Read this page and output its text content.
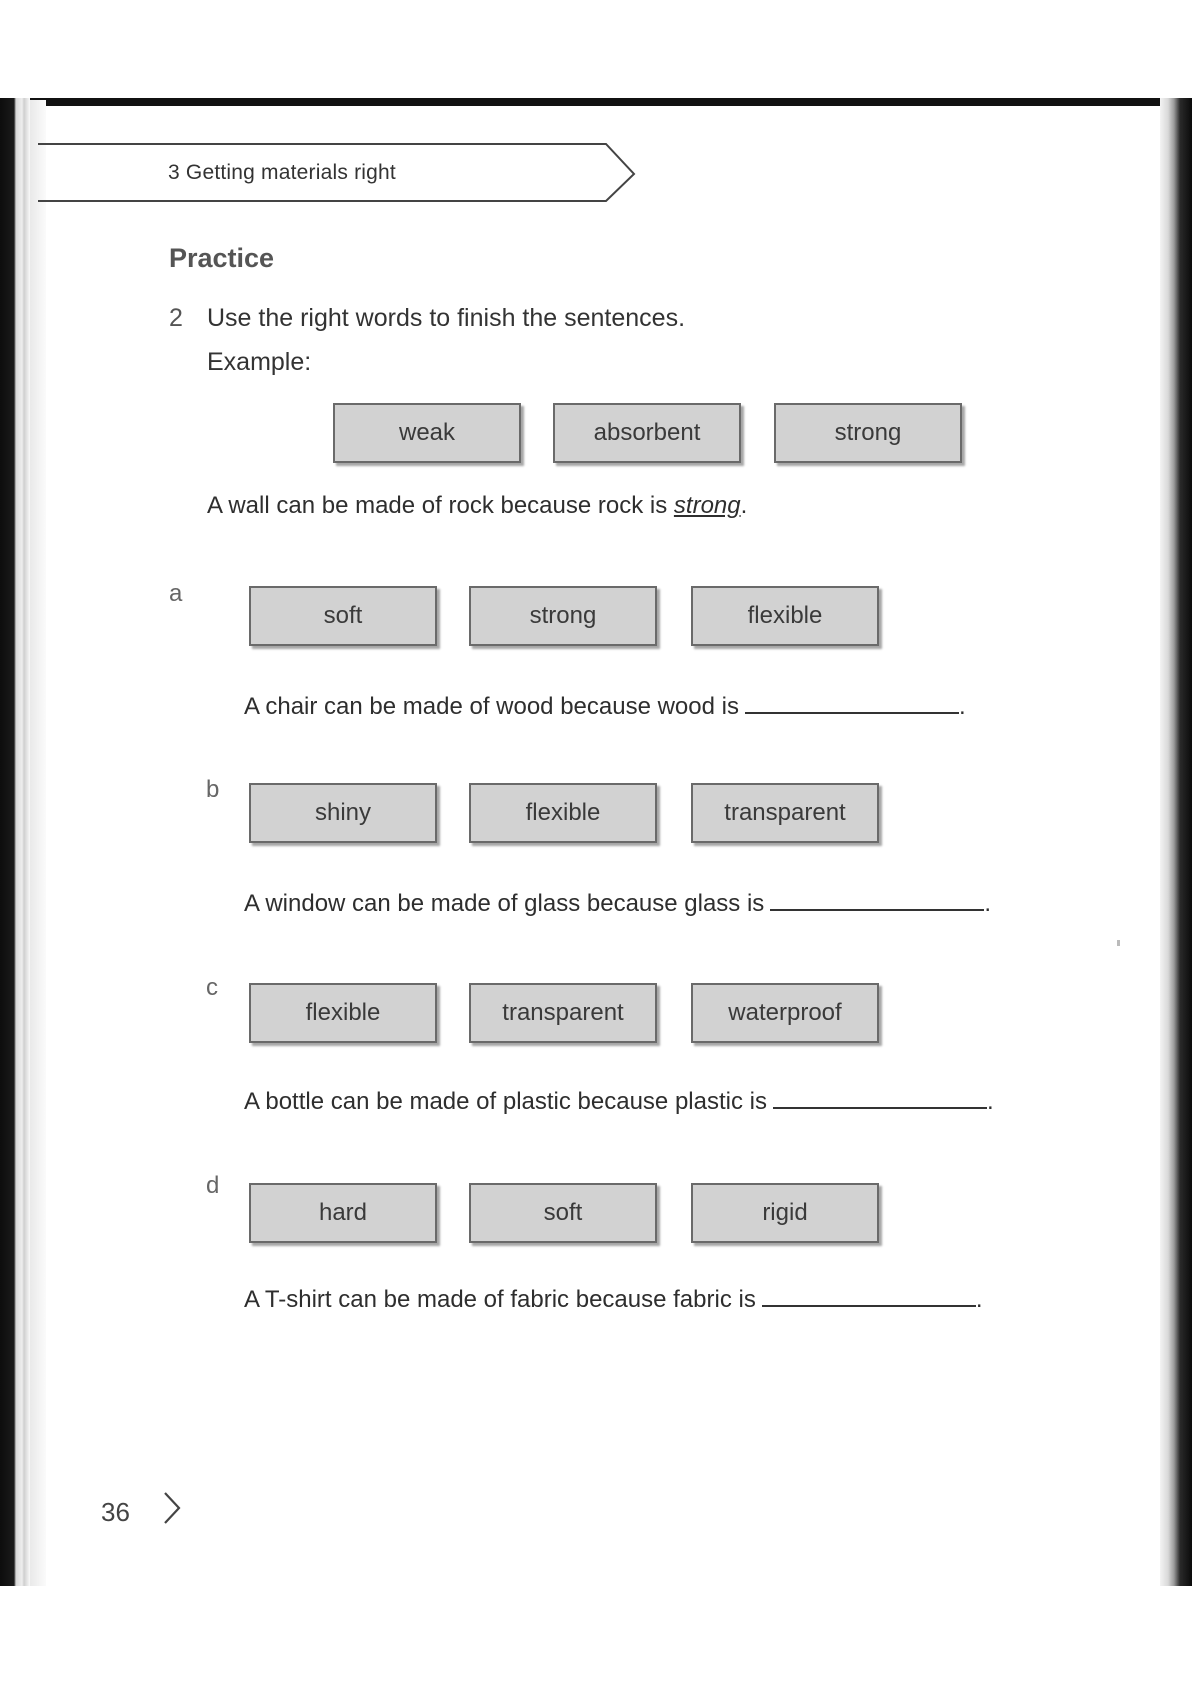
3 Getting materials right
Practice
2 Use the right words to finish the sentences.
Example:
weak	absorbent	strong
A wall can be made of rock because rock is strong.
a
soft	strong	flexible
A chair can be made of wood because wood is	.
b
shiny	flexible	transparent
A window can be made of glass because glass is	.
c
flexible	transparent	waterproof
A bottle can be made of plastic because plastic is	.
d
hard	soft	rigid
A T-shirt can be made of fabric because fabric is	.
36
